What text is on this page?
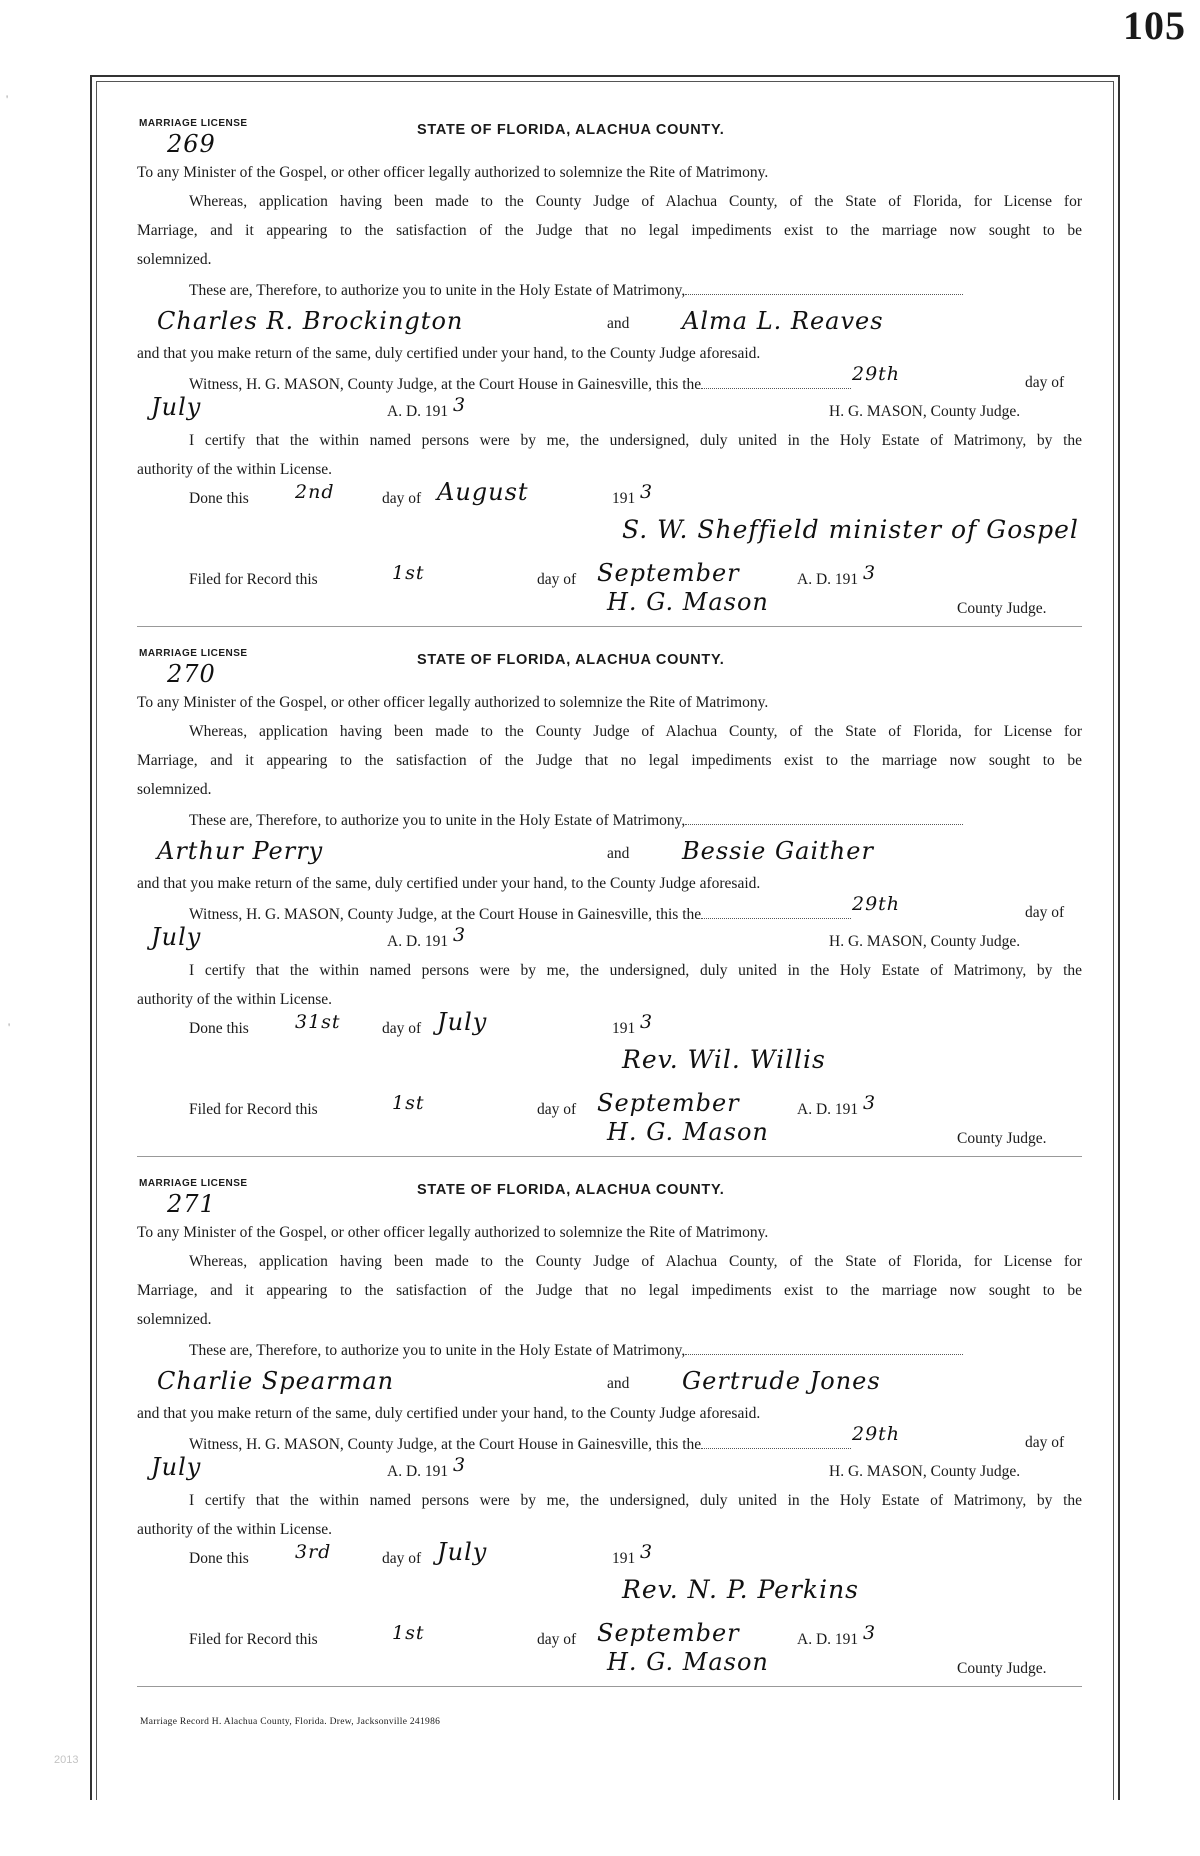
105
'
'
MARRIAGE LICENSE
269	STATE OF FLORIDA, ALACHUA COUNTY.
To any Minister of the Gospel, or other officer legally authorized to solemnize the Rite of Matrimony.
Whereas, application having been made to the County Judge of Alachua County, of the State of Florida, for License for
Marriage, and it appearing to the satisfaction of the Judge that no legal impediments exist to the marriage now sought to be
solemnized.
These are, Therefore, to authorize you to unite in the Holy Estate of Matrimony,
Charles R. Brockington	and Alma L. Reaves
and that you make return of the same, duly certified under your hand, to the County Judge aforesaid.
Witness, H. G. MASON, County Judge, at the Court House in Gainesville, this the	29th	day of
July	A. D. 191 3	H. G. MASON, County Judge.
I certify that the within named persons were by me, the undersigned, duly united in the Holy Estate of Matrimony, by the
authority of the within License.
Done this 2nd	day of August	191 3
S. W. Sheffield minister of Gospel
Filed for Record this	1st	day of September	A. D. 191 3
H. G. Mason	County Judge.
MARRIAGE LICENSE
270	STATE OF FLORIDA, ALACHUA COUNTY.
To any Minister of the Gospel, or other officer legally authorized to solemnize the Rite of Matrimony.
Whereas, application having been made to the County Judge of Alachua County, of the State of Florida, for License for
Marriage, and it appearing to the satisfaction of the Judge that no legal impediments exist to the marriage now sought to be
solemnized.
These are, Therefore, to authorize you to unite in the Holy Estate of Matrimony,
Arthur Perry	and Bessie Gaither
and that you make return of the same, duly certified under your hand, to the County Judge aforesaid.
Witness, H. G. MASON, County Judge, at the Court House in Gainesville, this the	29th	day of
July	A. D. 191 3	H. G. MASON, County Judge.
I certify that the within named persons were by me, the undersigned, duly united in the Holy Estate of Matrimony, by the
authority of the within License.
Done this 31st	day of July	191 3
Rev. Wil. Willis
Filed for Record this	1st	day of September	A. D. 191 3
H. G. Mason	County Judge.
MARRIAGE LICENSE
271	STATE OF FLORIDA, ALACHUA COUNTY.
To any Minister of the Gospel, or other officer legally authorized to solemnize the Rite of Matrimony.
Whereas, application having been made to the County Judge of Alachua County, of the State of Florida, for License for
Marriage, and it appearing to the satisfaction of the Judge that no legal impediments exist to the marriage now sought to be
solemnized.
These are, Therefore, to authorize you to unite in the Holy Estate of Matrimony,
Charlie Spearman	and Gertrude Jones
and that you make return of the same, duly certified under your hand, to the County Judge aforesaid.
Witness, H. G. MASON, County Judge, at the Court House in Gainesville, this the	29th	day of
July	A. D. 191 3	H. G. MASON, County Judge.
I certify that the within named persons were by me, the undersigned, duly united in the Holy Estate of Matrimony, by the
authority of the within License.
Done this 3rd	day of July	191 3
Rev. N. P. Perkins
Filed for Record this	1st	day of September	A. D. 191 3
H. G. Mason	County Judge.
Marriage Record H. Alachua County, Florida. Drew, Jacksonville 241986
2013
